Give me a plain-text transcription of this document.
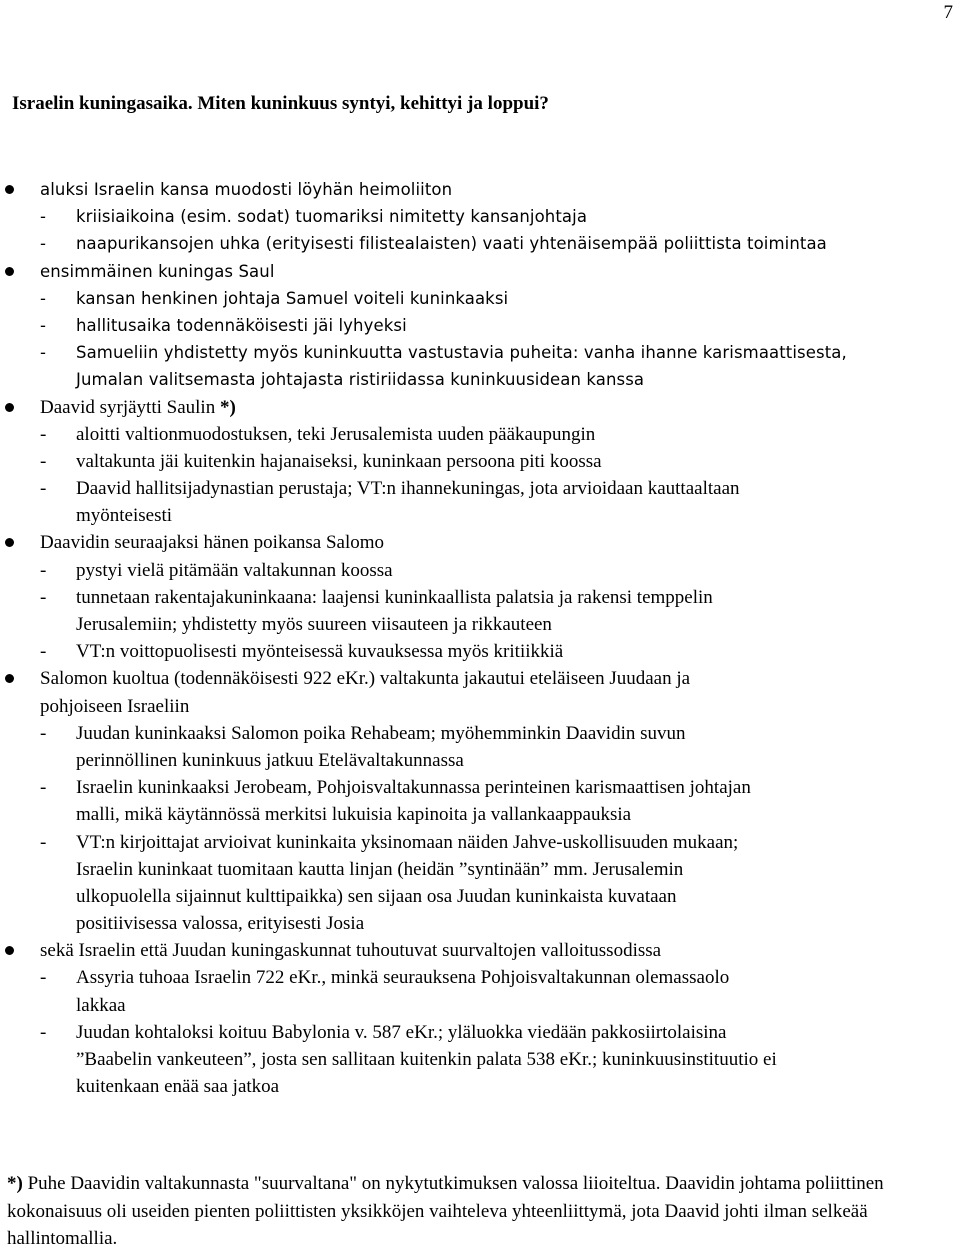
7
Israelin kuningasaika. Miten kuninkuus syntyi, kehittyi ja loppui?
aluksi Israelin kansa muodosti löyhän heimoliiton
- kriisiaikoina (esim. sodat) tuomariksi nimitetty kansanjohtaja
- naapurikansojen uhka (erityisesti filistealaisten) vaati yhtenäisempää poliittista toimintaa
ensimmäinen kuningas Saul
- kansan henkinen johtaja Samuel voiteli kuninkaaksi
- hallitusaika todennäköisesti jäi lyhyeksi
- Samueliin yhdistetty myös kuninkuutta vastustavia puheita: vanha ihanne karismaattisesta,
Jumalan valitsemasta johtajasta ristiriidassa kuninkuusidean kanssa
Daavid syrjäytti Saulin *)
- aloitti valtionmuodostuksen, teki Jerusalemista uuden pääkaupungin
- valtakunta jäi kuitenkin hajanaiseksi, kuninkaan persoona piti koossa
- Daavid hallitsijadynastian perustaja; VT:n ihannekuningas, jota arvioidaan kauttaaltaan
myönteisesti
Daavidin seuraajaksi hänen poikansa Salomo
- pystyi vielä pitämään valtakunnan koossa
- tunnetaan rakentajakuninkaana: laajensi kuninkaallista palatsia ja rakensi temppelin
Jerusalemiin; yhdistetty myös suureen viisauteen ja rikkauteen
- VT:n voittopuolisesti myönteisessä kuvauksessa myös kritiikkiä
Salomon kuoltua (todennäköisesti 922 eKr.) valtakunta jakautui eteläiseen Juudaan ja
pohjoiseen Israeliin
- Juudan kuninkaaksi Salomon poika Rehabeam; myöhemminkin Daavidin suvun
perinnöllinen kuninkuus jatkuu Etelävaltakunnassa
- Israelin kuninkaaksi Jerobeam, Pohjoisvaltakunnassa perinteinen karismaattisen johtajan
malli, mikä käytännössä merkitsi lukuisia kapinoita ja vallankaappauksia
- VT:n kirjoittajat arvioivat kuninkaita yksinomaan näiden Jahve-uskollisuuden mukaan;
Israelin kuninkaat tuomitaan kautta linjan (heidän ”syntinään” mm. Jerusalemin
ulkopuolella sijainnut kulttipaikka) sen sijaan osa Juudan kuninkaista kuvataan
positiivisessa valossa, erityisesti Josia
sekä Israelin että Juudan kuningaskunnat tuhoutuvat suurvaltojen valloitussodissa
- Assyria tuhoaa Israelin 722 eKr., minkä seurauksena Pohjoisvaltakunnan olemassaolo
lakkaa
- Juudan kohtaloksi koituu Babylonia v. 587 eKr.; yläluokka viedään pakkosiirtolaisina
”Baabelin vankeuteen”, josta sen sallitaan kuitenkin palata 538 eKr.; kuninkuusinstituutio ei
kuitenkaan enää saa jatkoa

*) Puhe Daavidin valtakunnasta "suurvaltana" on nykytutkimuksen valossa liioiteltua. Daavidin johtama poliittinen kokonaisuus oli useiden pienten poliittisten yksikköjen vaihteleva yhteenliittymä, jota Daavid johti ilman selkeää hallintomallia.
